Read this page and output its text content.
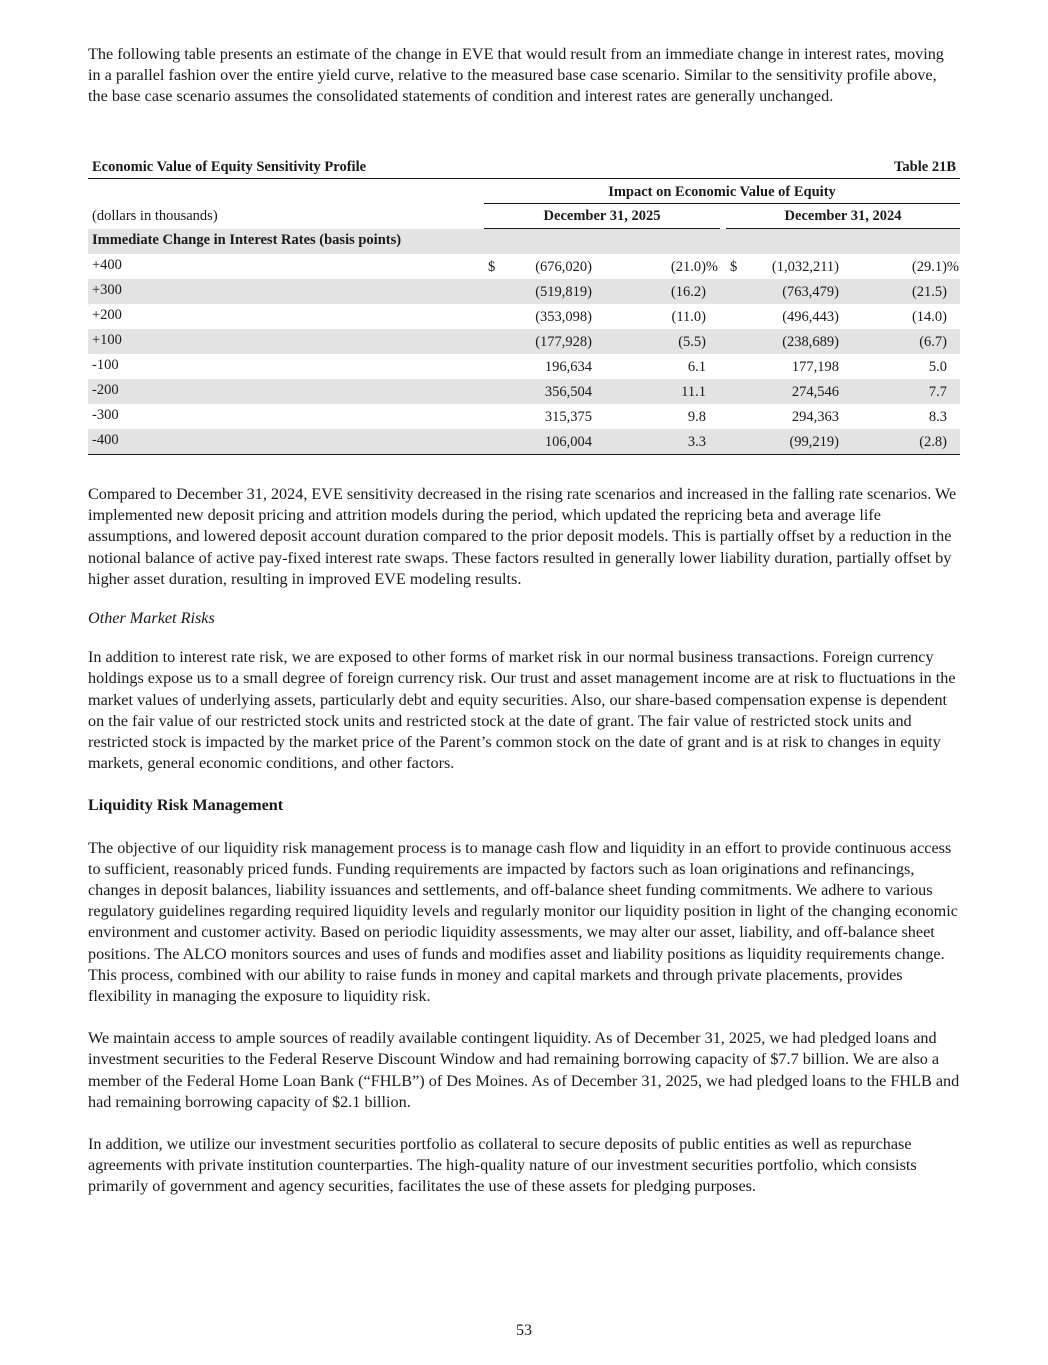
The following table presents an estimate of the change in EVE that would result from an immediate change in interest rates, moving in a parallel fashion over the entire yield curve, relative to the measured base case scenario. Similar to the sensitivity profile above, the base case scenario assumes the consolidated statements of condition and interest rates are generally unchanged.

Economic Value of Equity Sensitivity Profile	Table 21B
Impact on Economic Value of Equity
(dollars in thousands)	December 31, 2025	December 31, 2024
Immediate Change in Interest Rates (basis points)
+400	(676,020)	(21.0)%	(1,032,211)	(29.1)%
$	$
+300	(519,819)	(16.2)	(763,479)	(21.5)
+200	(353,098)	(11.0)	(496,443)	(14.0)
+100	(177,928)	(5.5)	(238,689)	(6.7)
-100	196,634	6.1	177,198	5.0
-200	356,504	11.1	274,546	7.7
-300	315,375	9.8	294,363	8.3
-400	106,004	3.3	(99,219)	(2.8)

Compared to December 31, 2024, EVE sensitivity decreased in the rising rate scenarios and increased in the falling rate scenarios. We implemented new deposit pricing and attrition models during the period, which updated the repricing beta and average life assumptions, and lowered deposit account duration compared to the prior deposit models. This is partially offset by a reduction in the notional balance of active pay-fixed interest rate swaps. These factors resulted in generally lower liability duration, partially offset by higher asset duration, resulting in improved EVE modeling results.

Other Market Risks

In addition to interest rate risk, we are exposed to other forms of market risk in our normal business transactions. Foreign currency holdings expose us to a small degree of foreign currency risk. Our trust and asset management income are at risk to fluctuations in the market values of underlying assets, particularly debt and equity securities. Also, our share-based compensation expense is dependent on the fair value of our restricted stock units and restricted stock at the date of grant. The fair value of restricted stock units and restricted stock is impacted by the market price of the Parent’s common stock on the date of grant and is at risk to changes in equity markets, general economic conditions, and other factors.

Liquidity Risk Management

The objective of our liquidity risk management process is to manage cash flow and liquidity in an effort to provide continuous access to sufficient, reasonably priced funds. Funding requirements are impacted by factors such as loan originations and refinancings, changes in deposit balances, liability issuances and settlements, and off-balance sheet funding commitments. We adhere to various regulatory guidelines regarding required liquidity levels and regularly monitor our liquidity position in light of the changing economic environment and customer activity. Based on periodic liquidity assessments, we may alter our asset, liability, and off-balance sheet positions. The ALCO monitors sources and uses of funds and modifies asset and liability positions as liquidity requirements change. This process, combined with our ability to raise funds in money and capital markets and through private placements, provides flexibility in managing the exposure to liquidity risk.

We maintain access to ample sources of readily available contingent liquidity. As of December 31, 2025, we had pledged loans and investment securities to the Federal Reserve Discount Window and had remaining borrowing capacity of $7.7 billion. We are also a member of the Federal Home Loan Bank (“FHLB”) of Des Moines. As of December 31, 2025, we had pledged loans to the FHLB and had remaining borrowing capacity of $2.1 billion.

In addition, we utilize our investment securities portfolio as collateral to secure deposits of public entities as well as repurchase agreements with private institution counterparties. The high-quality nature of our investment securities portfolio, which consists primarily of government and agency securities, facilitates the use of these assets for pledging purposes.

53
